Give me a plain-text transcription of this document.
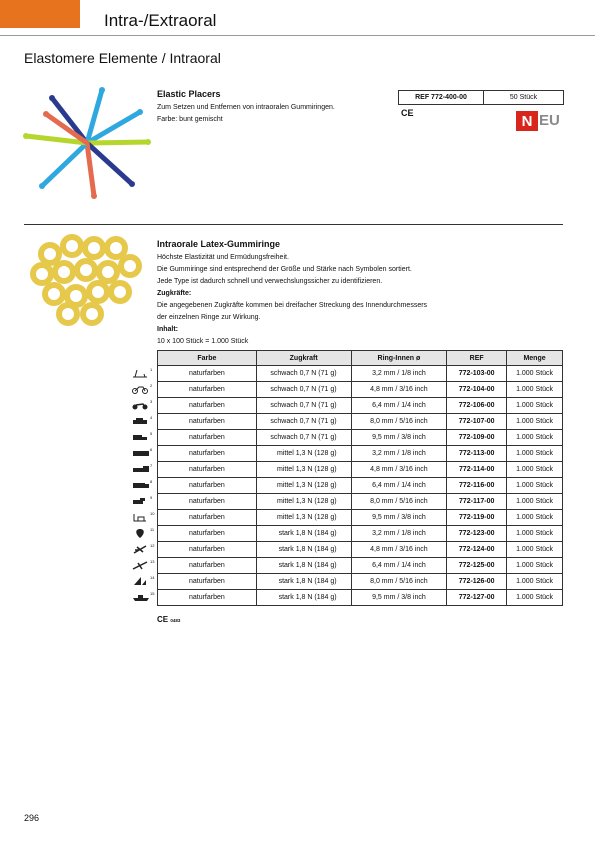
Intra-/Extraoral
Elastomere Elemente / Intraoral
Elastic Placers
Zum Setzen und Entfernen von intraoralen Gummiringen.
Farbe: bunt gemischt
REF 772-400-00	50 Stück
CE	N EU
Intraorale Latex-Gummiringe
Höchste Elastizität und Ermüdungsfreiheit.
Die Gummiringe sind entsprechend der Größe und Stärke nach Symbolen sortiert.
Jede Type ist dadurch schnell und verwechslungssicher zu identifizieren.
Zugkräfte:
Die angegebenen Zugkräfte kommen bei dreifacher Streckung des Innendurchmessers
der einzelnen Ringe zur Wirkung.
Inhalt:
10 x 100 Stück = 1.000 Stück
1
2
3
4
5
6
7
8
9
10
11
12
13
14
15
Farbe	Zugkraft	Ring-Innen ø	REF	Menge
naturfarben	schwach 0,7 N (71 g)	3,2 mm / 1/8 inch	772-103-00	1.000 Stück
naturfarben	schwach 0,7 N (71 g)	4,8 mm / 3/16 inch	772-104-00	1.000 Stück
naturfarben	schwach 0,7 N (71 g)	6,4 mm / 1/4 inch	772-106-00	1.000 Stück
naturfarben	schwach 0,7 N (71 g)	8,0 mm / 5/16 inch	772-107-00	1.000 Stück
naturfarben	schwach 0,7 N (71 g)	9,5 mm / 3/8 inch	772-109-00	1.000 Stück
naturfarben	mittel 1,3 N (128 g)	3,2 mm / 1/8 inch	772-113-00	1.000 Stück
naturfarben	mittel 1,3 N (128 g)	4,8 mm / 3/16 inch	772-114-00	1.000 Stück
naturfarben	mittel 1,3 N (128 g)	6,4 mm / 1/4 inch	772-116-00	1.000 Stück
naturfarben	mittel 1,3 N (128 g)	8,0 mm / 5/16 inch	772-117-00	1.000 Stück
naturfarben	mittel 1,3 N (128 g)	9,5 mm / 3/8 inch	772-119-00	1.000 Stück
naturfarben	stark 1,8 N (184 g)	3,2 mm / 1/8 inch	772-123-00	1.000 Stück
naturfarben	stark 1,8 N (184 g)	4,8 mm / 3/16 inch	772-124-00	1.000 Stück
naturfarben	stark 1,8 N (184 g)	6,4 mm / 1/4 inch	772-125-00	1.000 Stück
naturfarben	stark 1,8 N (184 g)	8,0 mm / 5/16 inch	772-126-00	1.000 Stück
naturfarben	stark 1,8 N (184 g)	9,5 mm / 3/8 inch	772-127-00	1.000 Stück
CE 0483
296
